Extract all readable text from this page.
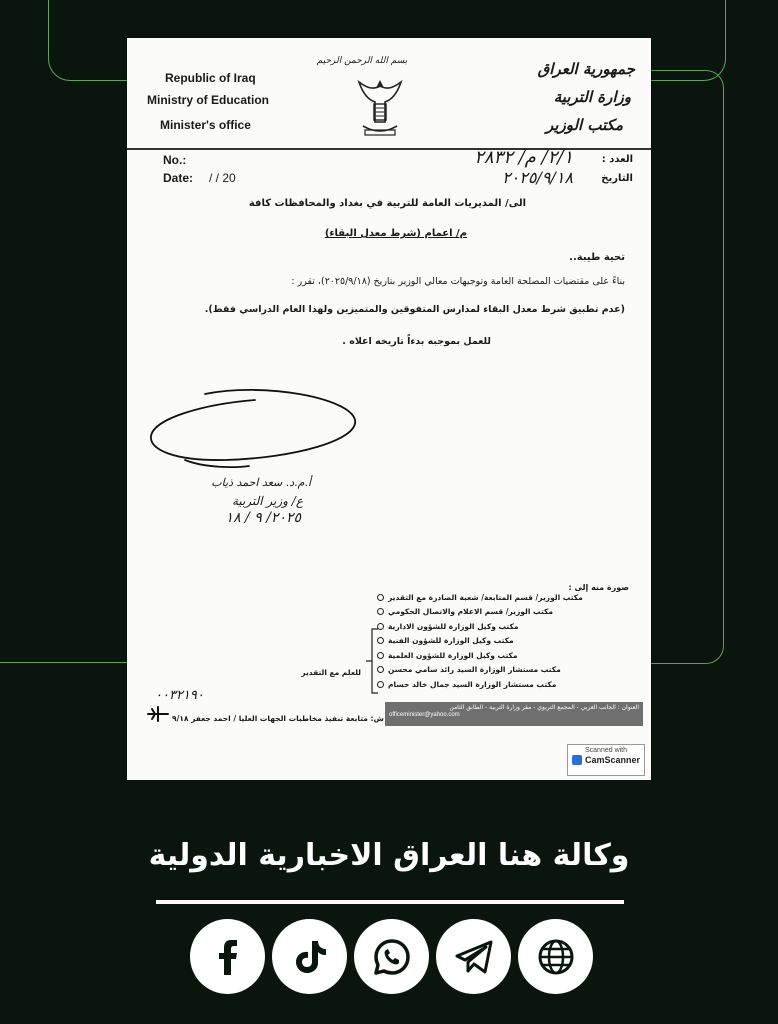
Republic of Iraq
Ministry of Education
Minister's office
بسم الله الرحمن الرحيم	جمهورية العراق
وزارة التربية
مكتب الوزير
No.:
Date: / / 20
العدد :
٢/١/ م/ ٢٨٣٢
التاريخ
٢٠٢٥/٩/١٨
الى/ المديريات العامة للتربية في بغداد والمحافظات كافة
م/ اعمام (شرط معدل البقاء)
تحية طيبة..
بناءً على مقتضيات المصلحة العامة وتوجيهات معالي الوزير بتاريخ (٢٠٢٥/٩/١٨)، تقرر :
(عدم تطبيق شرط معدل البقاء لمدارس المتفوقين والمتميزين ولهذا العام الدراسي فقط).
للعمل بموجبه بدءاً تاريخه اعلاه .
أ.م.د. سعد احمد ذياب
ع/ وزير التربية
٢٠٢٥/ ٩ / ١٨
صورة منه إلى :
مكتب الوزير/ قسم المتابعة/ شعبة الصادرة مع التقدير
مكتب الوزير/ قسم الاعلام والاتصال الحكومي
مكتب وكيل الوزارة للشؤون الادارية
مكتب وكيل الوزارة للشؤون الفنية
مكتب وكيل الوزارة للشؤون العلمية
مكتب مستشار الوزارة السيد رائد سامي محسن
مكتب مستشار الوزارة السيد جمال خالد حسام
للعلم مع التقدير
٠٠٣٢١٩٠
ش: متابعة تنفيذ مخاطبات الجهات العليا / احمد جعفر ٩/١٨
العنوان : الجانب الغربي - المجمع التربوي - مقر وزارة التربية - الطابق الثامن
officeminister@yahoo.com
Scanned with
CamScanner
وكالة هنا العراق الاخبارية الدولية
